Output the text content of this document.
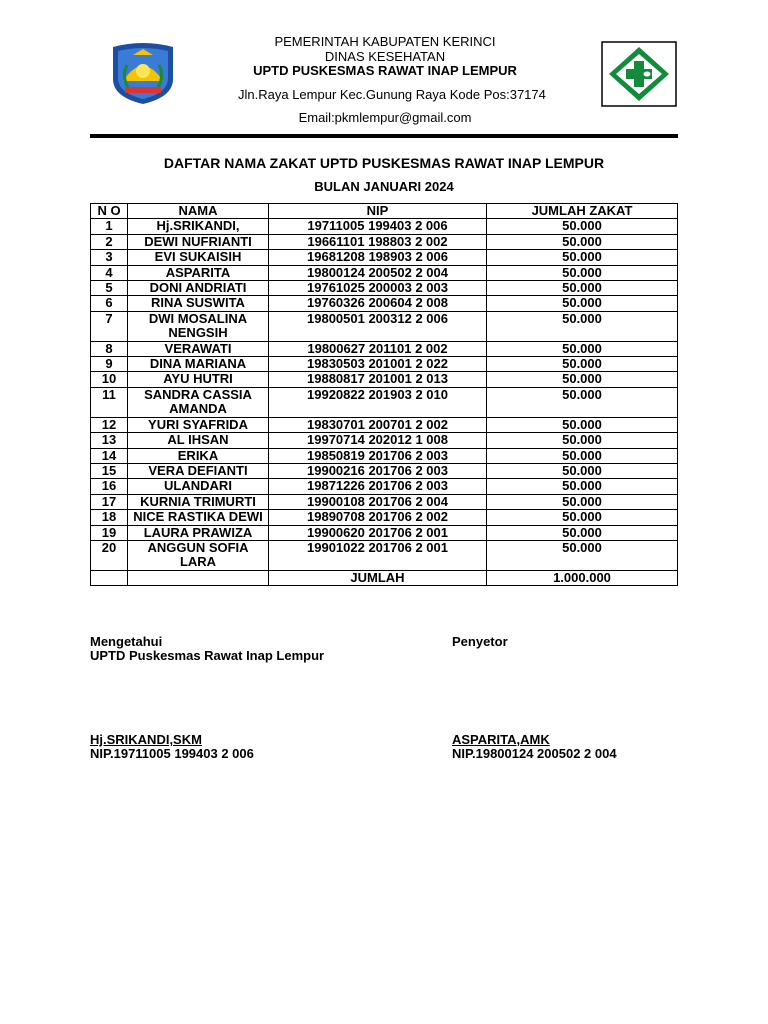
PEMERINTAH KABUPATEN KERINCI
DINAS KESEHATAN
UPTD PUSKESMAS RAWAT INAP LEMPUR
Jln.Raya Lempur Kec.Gunung Raya Kode Pos:37174
Email:pkmlempur@gmail.com
DAFTAR NAMA ZAKAT UPTD PUSKESMAS RAWAT INAP LEMPUR
BULAN JANUARI 2024
N O	NAMA	NIP	JUMLAH ZAKAT
1	Hj.SRIKANDI,	19711005 199403 2 006	50.000
2	DEWI NUFRIANTI	19661101 198803 2 002	50.000
3	EVI SUKAISIH	19681208 198903 2 006	50.000
4	ASPARITA	19800124 200502 2 004	50.000
5	DONI ANDRIATI	19761025 200003 2 003	50.000
6	RINA SUSWITA	19760326 200604 2 008	50.000
7	DWI MOSALINA NENGSIH	19800501 200312 2 006	50.000
8	VERAWATI	19800627 201101 2 002	50.000
9	DINA MARIANA	19830503 201001 2 022	50.000
10	AYU HUTRI	19880817 201001 2 013	50.000
11	SANDRA CASSIA AMANDA	19920822 201903 2 010	50.000
12	YURI SYAFRIDA	19830701 200701 2 002	50.000
13	AL IHSAN	19970714 202012 1 008	50.000
14	ERIKA	19850819 201706 2 003	50.000
15	VERA DEFIANTI	19900216 201706 2 003	50.000
16	ULANDARI	19871226 201706 2 003	50.000
17	KURNIA TRIMURTI	19900108 201706 2 004	50.000
18	NICE RASTIKA DEWI	19890708 201706 2 002	50.000
19	LAURA PRAWIZA	19900620 201706 2 001	50.000
20	ANGGUN SOFIA LARA	19901022 201706 2 001	50.000
		JUMLAH	1.000.000
Mengetahui
UPTD Puskesmas Rawat Inap Lempur
Hj.SRIKANDI,SKM
NIP.19711005 199403 2 006
Penyetor
ASPARITA,AMK
NIP.19800124 200502 2 004
